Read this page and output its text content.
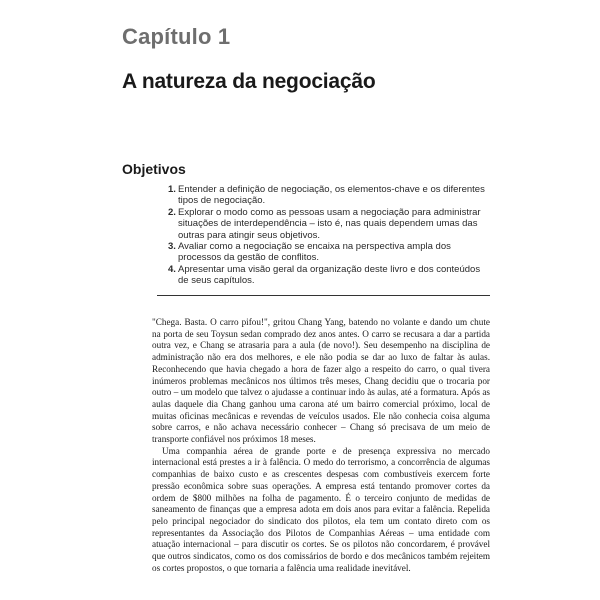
Capítulo 1
A natureza da negociação
Objetivos
1. Entender a definição de negociação, os elementos-chave e os diferentes tipos de negociação.
2. Explorar o modo como as pessoas usam a negociação para administrar situações de interdependência – isto é, nas quais dependem umas das outras para atingir seus objetivos.
3. Avaliar como a negociação se encaixa na perspectiva ampla dos processos da gestão de conflitos.
4. Apresentar uma visão geral da organização deste livro e dos conteúdos de seus capítulos.

"Chega. Basta. O carro pifou!", gritou Chang Yang, batendo no volante e dando um chute na porta de seu Toysun sedan comprado dez anos antes. O carro se recusara a dar a partida outra vez, e Chang se atrasaria para a aula (de novo!). Seu desempenho na disciplina de administração não era dos melhores, e ele não podia se dar ao luxo de faltar às aulas. Reconhecendo que havia chegado a hora de fazer algo a respeito do carro, o qual tivera inúmeros problemas mecânicos nos últimos três meses, Chang decidiu que o trocaria por outro – um modelo que talvez o ajudasse a continuar indo às aulas, até a formatura. Após as aulas daquele dia Chang ganhou uma carona até um bairro comercial próximo, local de muitas oficinas mecânicas e revendas de veículos usados. Ele não conhecia coisa alguma sobre carros, e não achava necessário conhecer – Chang só precisava de um meio de transporte confiável nos próximos 18 meses.

Uma companhia aérea de grande porte e de presença expressiva no mercado internacional está prestes a ir à falência. O medo do terrorismo, a concorrência de algumas companhias de baixo custo e as crescentes despesas com combustíveis exercem forte pressão econômica sobre suas operações. A empresa está tentando promover cortes da ordem de $800 milhões na folha de pagamento. É o terceiro conjunto de medidas de saneamento de finanças que a empresa adota em dois anos para evitar a falência. Repelida pelo principal negociador do sindicato dos pilotos, ela tem um contato direto com os representantes da Associação dos Pilotos de Companhias Aéreas – uma entidade com atuação internacional – para discutir os cortes. Se os pilotos não concordarem, é provável que outros sindicatos, como os dos comissários de bordo e dos mecânicos também rejeitem os cortes propostos, o que tornaria a falência uma realidade inevitável.
